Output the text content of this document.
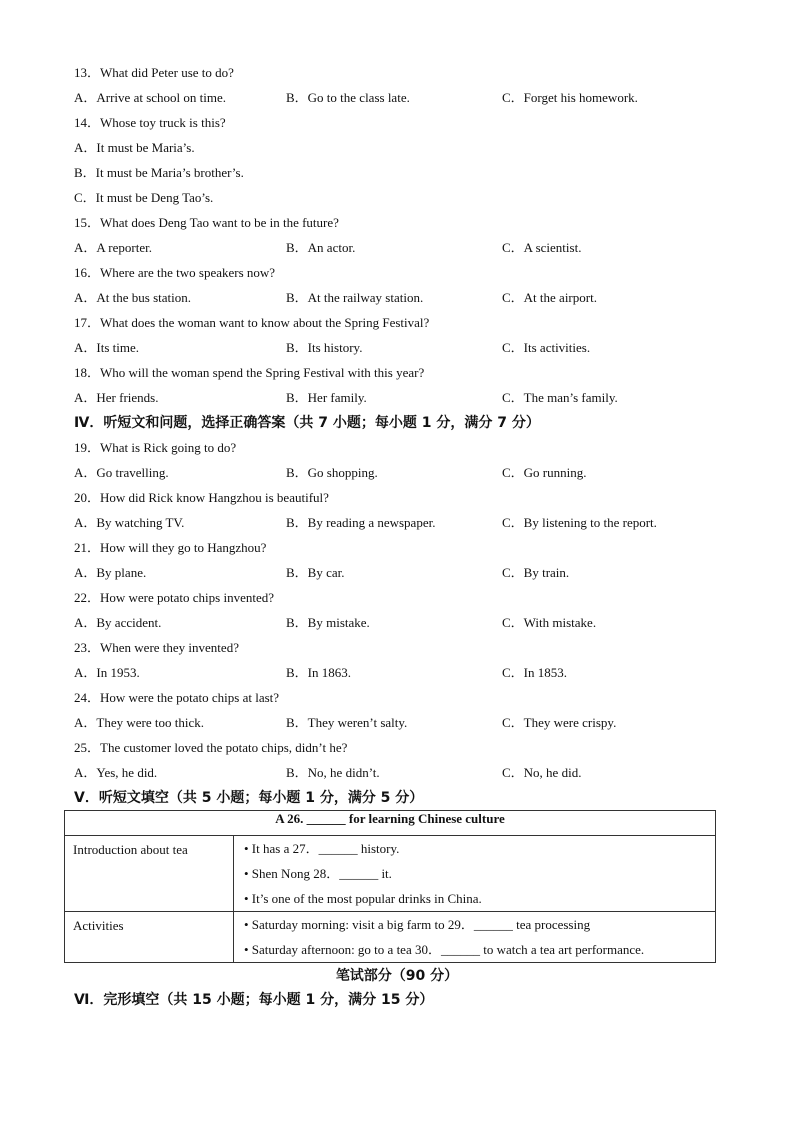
13．What did Peter use to do?
A．Arrive at school on time.	B．Go to the class late.	C．Forget his homework.
14．Whose toy truck is this?
A．It must be Maria’s.
B．It must be Maria’s brother’s.
C．It must be Deng Tao’s.
15．What does Deng Tao want to be in the future?
A．A reporter.	B．An actor.	C．A scientist.
16．Where are the two speakers now?
A．At the bus station.	B．At the railway station.	C．At the airport.
17．What does the woman want to know about the Spring Festival?
A．Its time.	B．Its history.	C．Its activities.
18．Who will the woman spend the Spring Festival with this year?
A．Her friends.	B．Her family.	C．The man’s family.
Ⅳ．听短文和问题，选择正确答案（共 7 小题；每小题 1 分，满分 7 分）
19．What is Rick going to do?
A．Go travelling.	B．Go shopping.	C．Go running.
20．How did Rick know Hangzhou is beautiful?
A．By watching TV.	B．By reading a newspaper.	C．By listening to the report.
21．How will they go to Hangzhou?
A．By plane.	B．By car.	C．By train.
22．How were potato chips invented?
A．By accident.	B．By mistake.	C．With mistake.
23．When were they invented?
A．In 1953.	B．In 1863.	C．In 1853.
24．How were the potato chips at last?
A．They were too thick.	B．They weren’t salty.	C．They were crispy.
25．The customer loved the potato chips, didn’t he?
A．Yes, he did.	B．No, he didn’t.	C．No, he did.
Ⅴ．听短文填空（共 5 小题；每小题 1 分，满分 5 分）
A 26. ______ for learning Chinese culture	
Introduction about tea	• It has a 27．______ history.
• Shen Nong 28．______ it.
• It’s one of the most popular drinks in China.

Activities	• Saturday morning: visit a big farm to 29．______ tea processing
• Saturday afternoon: go to a tea 30．______ to watch a tea art performance.
笔试部分（90 分）
Ⅵ．完形填空（共 15 小题；每小题 1 分，满分 15 分）
